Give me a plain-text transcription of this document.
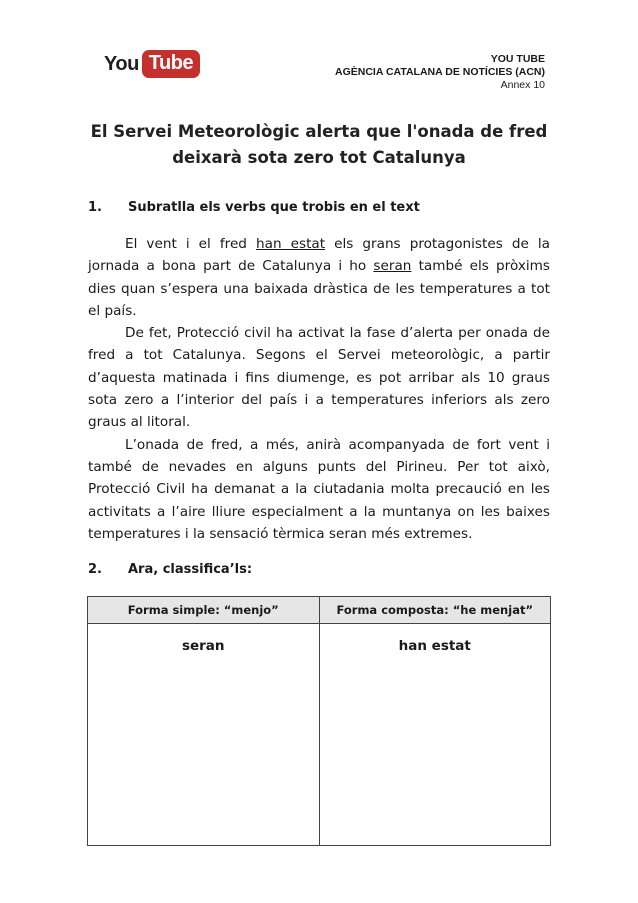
You Tube	YOU TUBE
AGÈNCIA CATALANA DE NOTÍCIES (ACN)
Annex 10
El Servei Meteorològic alerta que l'onada de fred
deixarà sota zero tot Catalunya
1. Subratlla els verbs que trobis en el text

El vent i el fred han estat els grans protagonistes de la jornada a bona part de Catalunya i ho seran també els pròxims dies quan s’espera una baixada dràstica de les temperatures a tot el país.

De fet, Protecció civil ha activat la fase d’alerta per onada de fred a tot Catalunya. Segons el Servei meteorològic, a partir d’aquesta matinada i fins diumenge, es pot arribar als 10 graus sota zero a l’interior del país i a temperatures inferiors als zero graus al litoral.

L’onada de fred, a més, anirà acompanyada de fort vent i també de nevades en alguns punts del Pirineu. Per tot això, Protecció Civil ha demanat a la ciutadania molta precaució en les activitats a l’aire lliure especialment a la muntanya on les baixes temperatures i la sensació tèrmica seran més extremes.

2. Ara, classifica’ls:
Forma simple: “menjo”	Forma composta: “he menjat”
seran	han estat
